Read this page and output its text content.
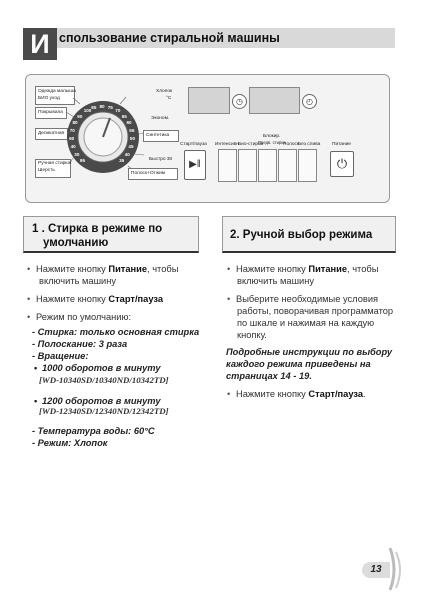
И спользование стиральной машины
Одежда малыша
БИО уход
Покрывала
Деликатная
Ручная стирка/
Шерсть
95
30
40
60
70
80
90
100
85 80 75
70
65
60
55
50
45
40
35
Хлопок
°С
Эконом.
Синтетика
Быстро 30
Полоск+Отжим
◷	◴
Старт/пауза
▶‖
Блокир.
Интенсивн.
Био-стирка
Предв. стирка
Полоск.
Без слива Питание
⏻
1 . Стирка в режиме по
умолчанию
• Нажмите кнопку Питание, чтобы
включить машину
• Нажмите кнопку Старт/пауза
• Режим по умолчанию:
- Стирка: только основная стирка
- Полоскание: 3 раза
- Вращение:
• 1000 оборотов в минуту
[WD-10340SD/10340ND/10342TD]
• 1200 оборотов в минуту
[WD-12340SD/12340ND/12342TD]
- Температура воды: 60°С
- Режим: Хлопок
2. Ручной выбор режима
• Нажмите кнопку Питание, чтобы
включить машину
• Выберите необходимые условия
работы, поворачивая программатор
по шкале и нажимая на каждую
кнопку.
Подробные инструкции по выбору
каждого режима приведены на
страницах 14 - 19.
• Нажмите кнопку Старт/пауза.
13
